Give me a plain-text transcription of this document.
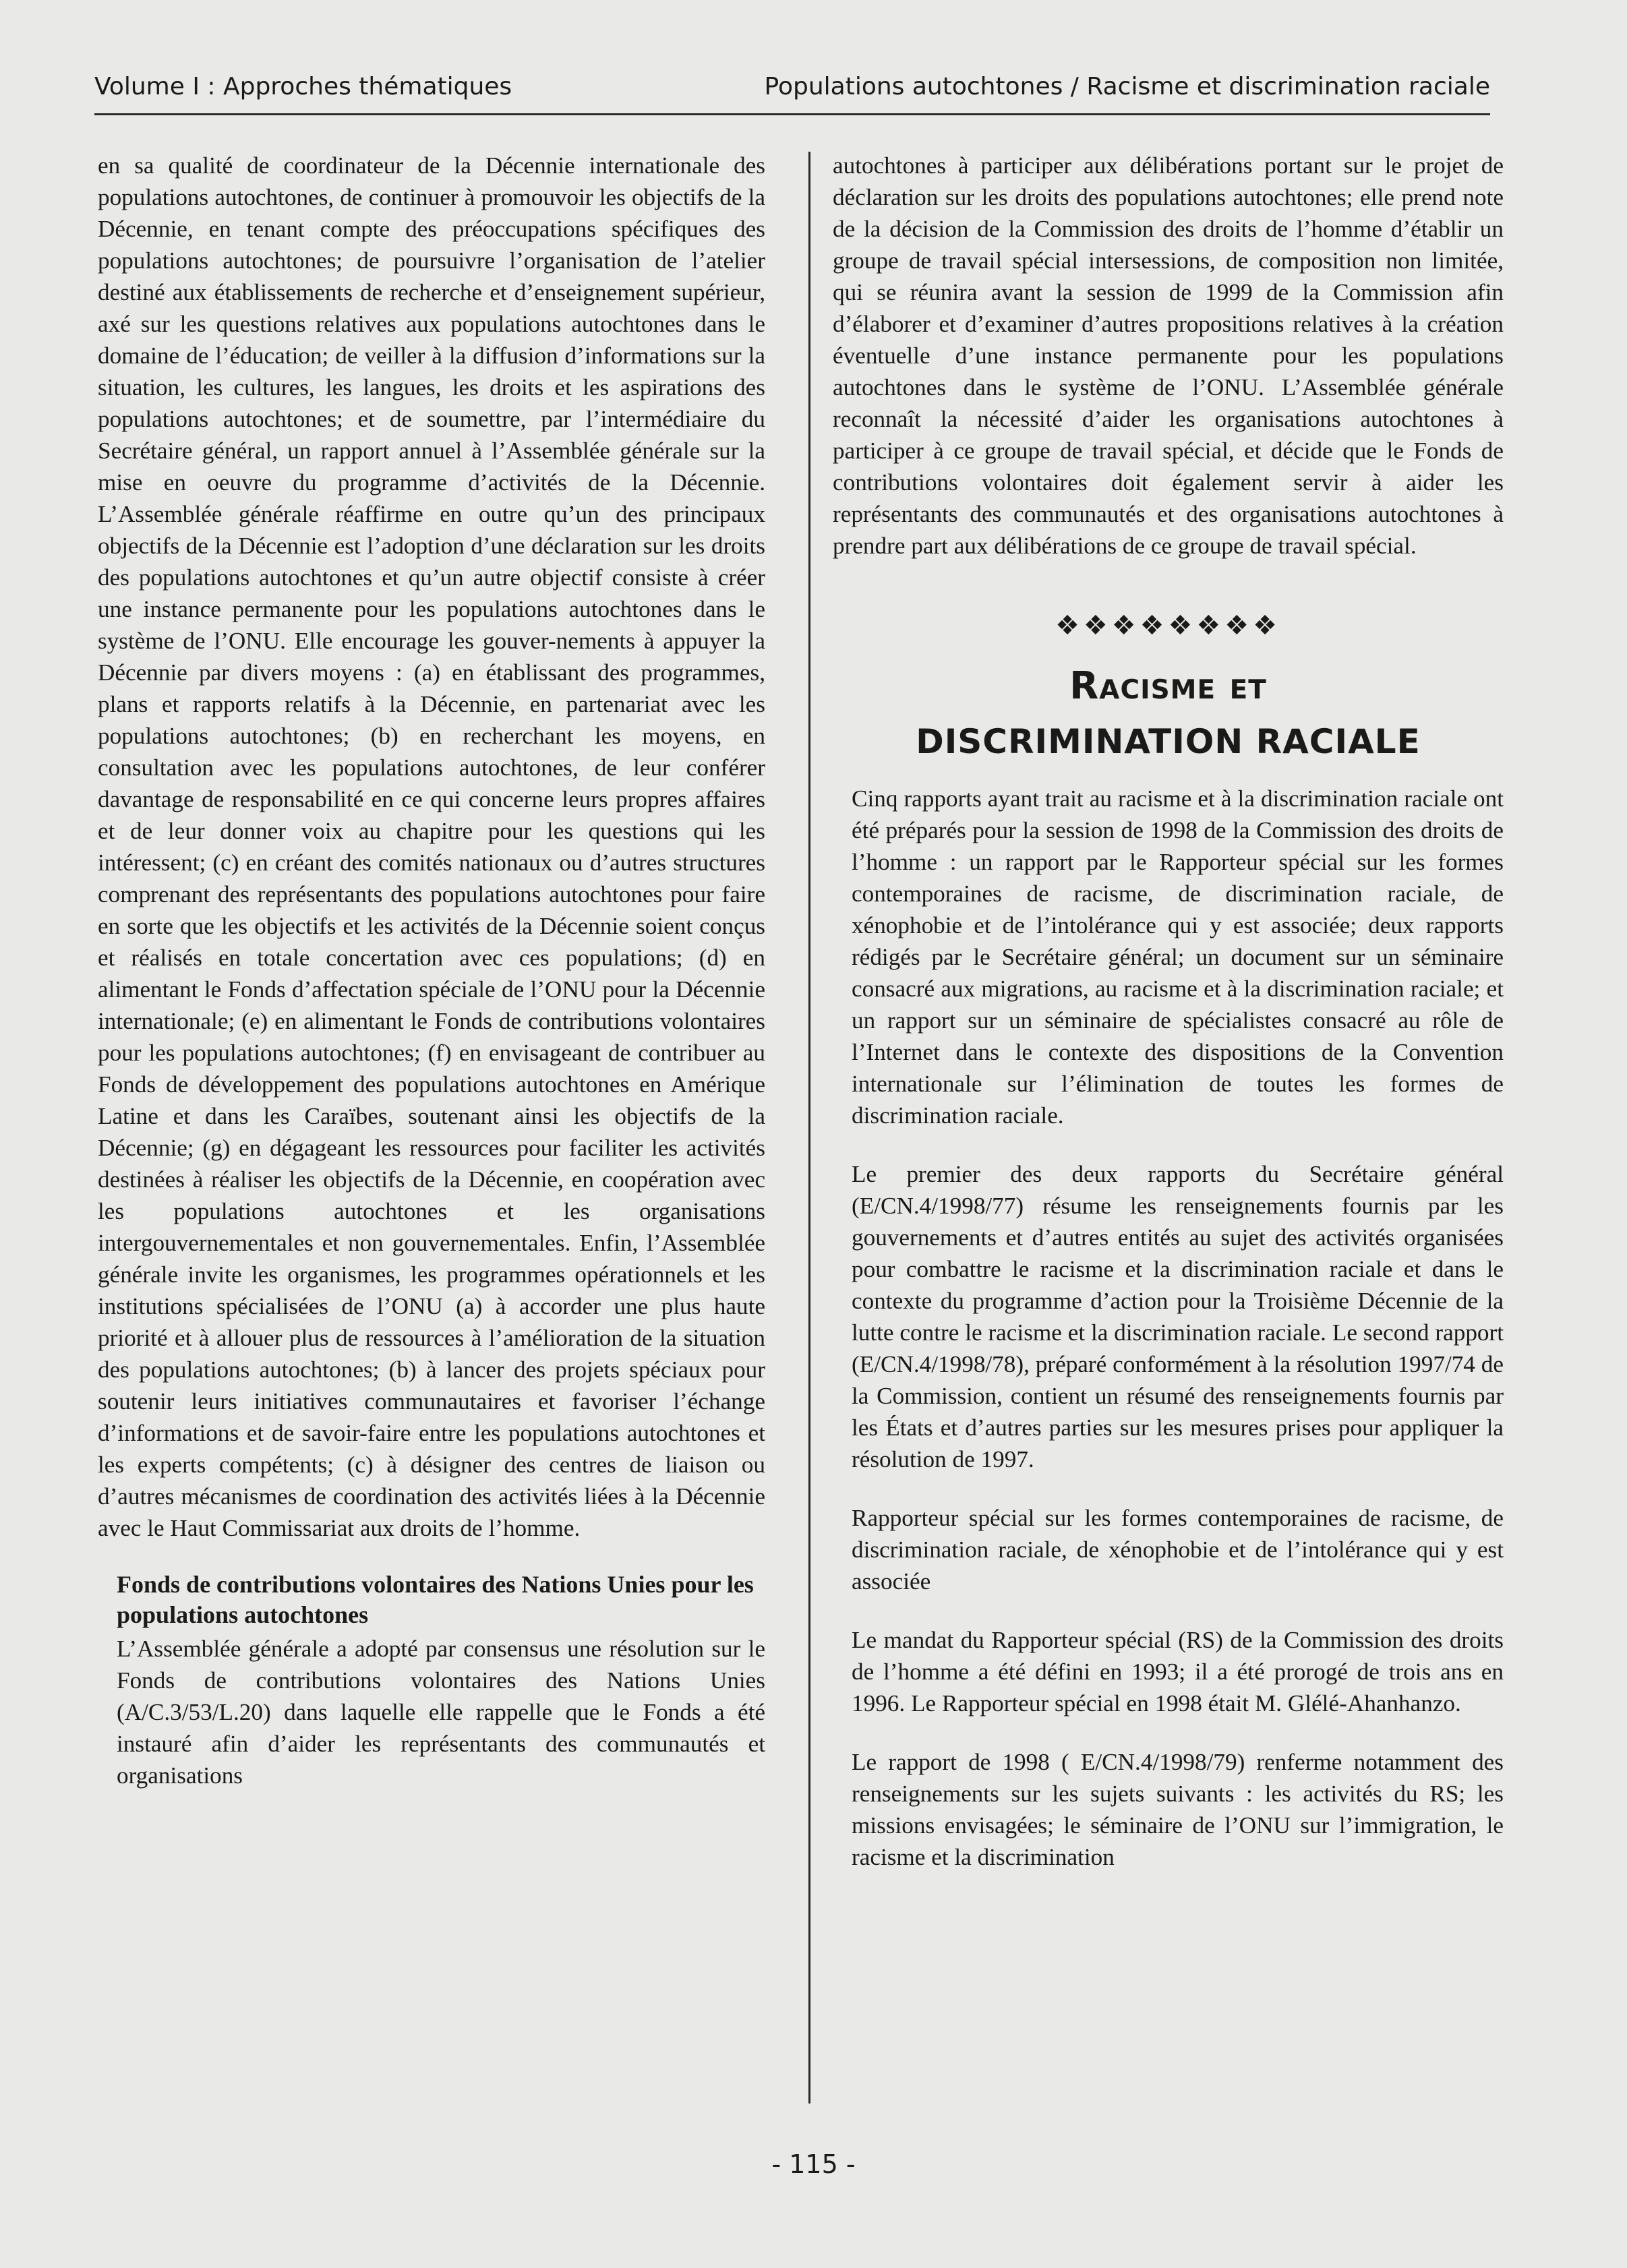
Volume I : Approches thématiques	Populations autochtones / Racisme et discrimination raciale

en sa qualité de coordinateur de la Décennie internationale des populations autochtones, de continuer à promouvoir les objectifs de la Décennie, en tenant compte des préoccupations spécifiques des populations autochtones; de poursuivre l’organisation de l’atelier destiné aux établissements de recherche et d’enseignement supérieur, axé sur les questions relatives aux populations autochtones dans le domaine de l’éducation; de veiller à la diffusion d’informations sur la situation, les cultures, les langues, les droits et les aspirations des populations autochtones; et de soumettre, par l’intermédiaire du Secrétaire général, un rapport annuel à l’Assemblée générale sur la mise en oeuvre du programme d’activités de la Décennie. L’Assemblée générale réaffirme en outre qu’un des principaux objectifs de la Décennie est l’adoption d’une déclaration sur les droits des populations autochtones et qu’un autre objectif consiste à créer une instance permanente pour les populations autochtones dans le système de l’ONU. Elle encourage les gouver-nements à appuyer la Décennie par divers moyens : (a) en établissant des programmes, plans et rapports relatifs à la Décennie, en partenariat avec les populations autochtones; (b) en recherchant les moyens, en consultation avec les populations autochtones, de leur conférer davantage de responsabilité en ce qui concerne leurs propres affaires et de leur donner voix au chapitre pour les questions qui les intéressent; (c) en créant des comités nationaux ou d’autres structures comprenant des représentants des populations autochtones pour faire en sorte que les objectifs et les activités de la Décennie soient conçus et réalisés en totale concertation avec ces populations; (d) en alimentant le Fonds d’affectation spéciale de l’ONU pour la Décennie internationale; (e) en alimentant le Fonds de contributions volontaires pour les populations autochtones; (f) en envisageant de contribuer au Fonds de développement des populations autochtones en Amérique Latine et dans les Caraïbes, soutenant ainsi les objectifs de la Décennie; (g) en dégageant les ressources pour faciliter les activités destinées à réaliser les objectifs de la Décennie, en coopération avec les populations autochtones et les organisations intergouvernementales et non gouvernementales. Enfin, l’Assemblée générale invite les organismes, les programmes opérationnels et les institutions spécialisées de l’ONU (a) à accorder une plus haute priorité et à allouer plus de ressources à l’amélioration de la situation des populations autochtones; (b) à lancer des projets spéciaux pour soutenir leurs initiatives communautaires et favoriser l’échange d’informations et de savoir-faire entre les populations autochtones et les experts compétents; (c) à désigner des centres de liaison ou d’autres mécanismes de coordination des activités liées à la Décennie avec le Haut Commissariat aux droits de l’homme.

Fonds de contributions volontaires des Nations Unies pour les populations autochtones

L’Assemblée générale a adopté par consensus une résolution sur le Fonds de contributions volontaires des Nations Unies (A/C.3/53/L.20) dans laquelle elle rappelle que le Fonds a été instauré afin d’aider les représentants des communautés et organisations

autochtones à participer aux délibérations portant sur le projet de déclaration sur les droits des populations autochtones; elle prend note de la décision de la Commission des droits de l’homme d’établir un groupe de travail spécial intersessions, de composition non limitée, qui se réunira avant la session de 1999 de la Commission afin d’élaborer et d’examiner d’autres propositions relatives à la création éventuelle d’une instance permanente pour les populations autochtones dans le système de l’ONU. L’Assemblée générale reconnaît la nécessité d’aider les organisations autochtones à participer à ce groupe de travail spécial, et décide que le Fonds de contributions volontaires doit également servir à aider les représentants des communautés et des organisations autochtones à prendre part aux délibérations de ce groupe de travail spécial.

❖❖❖❖❖❖❖❖
Racisme et
DISCRIMINATION RACIALE

Cinq rapports ayant trait au racisme et à la discrimination raciale ont été préparés pour la session de 1998 de la Commission des droits de l’homme : un rapport par le Rapporteur spécial sur les formes contemporaines de racisme, de discrimination raciale, de xénophobie et de l’intolérance qui y est associée; deux rapports rédigés par le Secrétaire général; un document sur un séminaire consacré aux migrations, au racisme et à la discrimination raciale; et un rapport sur un séminaire de spécialistes consacré au rôle de l’Internet dans le contexte des dispositions de la Convention internationale sur l’élimination de toutes les formes de discrimination raciale.

Le premier des deux rapports du Secrétaire général (E/CN.4/1998/77) résume les renseignements fournis par les gouvernements et d’autres entités au sujet des activités organisées pour combattre le racisme et la discrimination raciale et dans le contexte du programme d’action pour la Troisième Décennie de la lutte contre le racisme et la discrimination raciale. Le second rapport (E/CN.4/1998/78), préparé conformément à la résolution 1997/74 de la Commission, contient un résumé des renseignements fournis par les États et d’autres parties sur les mesures prises pour appliquer la résolution de 1997.

Rapporteur spécial sur les formes contemporaines de racisme, de discrimination raciale, de xénophobie et de l’intolérance qui y est associée

Le mandat du Rapporteur spécial (RS) de la Commission des droits de l’homme a été défini en 1993; il a été prorogé de trois ans en 1996. Le Rapporteur spécial en 1998 était M. Glélé-Ahanhanzo.

Le rapport de 1998 ( E/CN.4/1998/79) renferme notamment des renseignements sur les sujets suivants : les activités du RS; les missions envisagées; le séminaire de l’ONU sur l’immigration, le racisme et la discrimination

- 115 -
